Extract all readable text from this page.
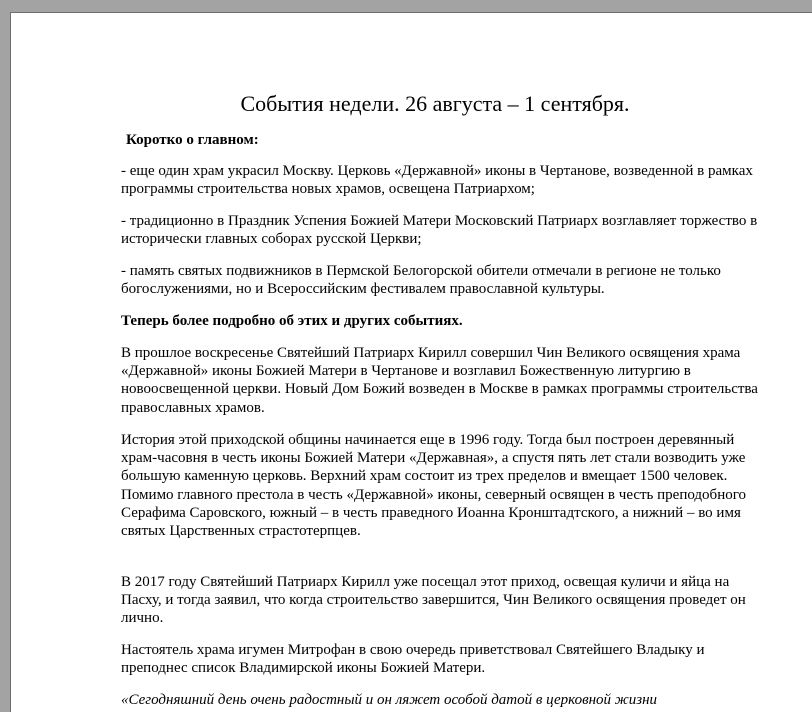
События недели. 26 августа – 1 сентября.

Коротко о главном:

- еще один храм украсил Москву. Церковь «Державной» иконы в Чертанове, возведенной в рамках программы строительства новых храмов, освещена Патриархом;

- традиционно в Праздник Успения Божией Матери Московский Патриарх возглавляет торжество в исторически главных соборах русской Церкви;

- память святых подвижников в Пермской Белогорской обители отмечали в регионе не только богослужениями, но и Всероссийским фестивалем православной культуры.

Теперь более подробно об этих и других событиях.

В прошлое воскресенье Святейший Патриарх Кирилл совершил Чин Великого освящения храма «Державной» иконы Божией Матери в Чертанове и возглавил Божественную литургию в новоосвещенной церкви. Новый Дом Божий возведен в Москве в рамках программы строительства православных храмов.

История этой приходской общины начинается еще в 1996 году. Тогда был построен деревянный храм-часовня в честь иконы Божией Матери «Державная», а спустя пять лет стали возводить уже большую каменную церковь. Верхний храм состоит из трех пределов и вмещает 1500 человек. Помимо главного престола в честь «Державной» иконы, северный освящен в честь преподобного Серафима Саровского, южный – в честь праведного Иоанна Кронштадтского, а нижний – во имя святых Царственных страстотерпцев.

В 2017 году Святейший Патриарх Кирилл уже посещал этот приход, освещая куличи и яйца на Пасху, и тогда заявил, что когда строительство завершится, Чин Великого освящения проведет он лично.

Настоятель храма игумен Митрофан в свою очередь приветствовал Святейшего Владыку и преподнес список Владимирской иконы Божией Матери.

«Сегодняшний день очень радостный и он ляжет особой датой в церковной жизни
